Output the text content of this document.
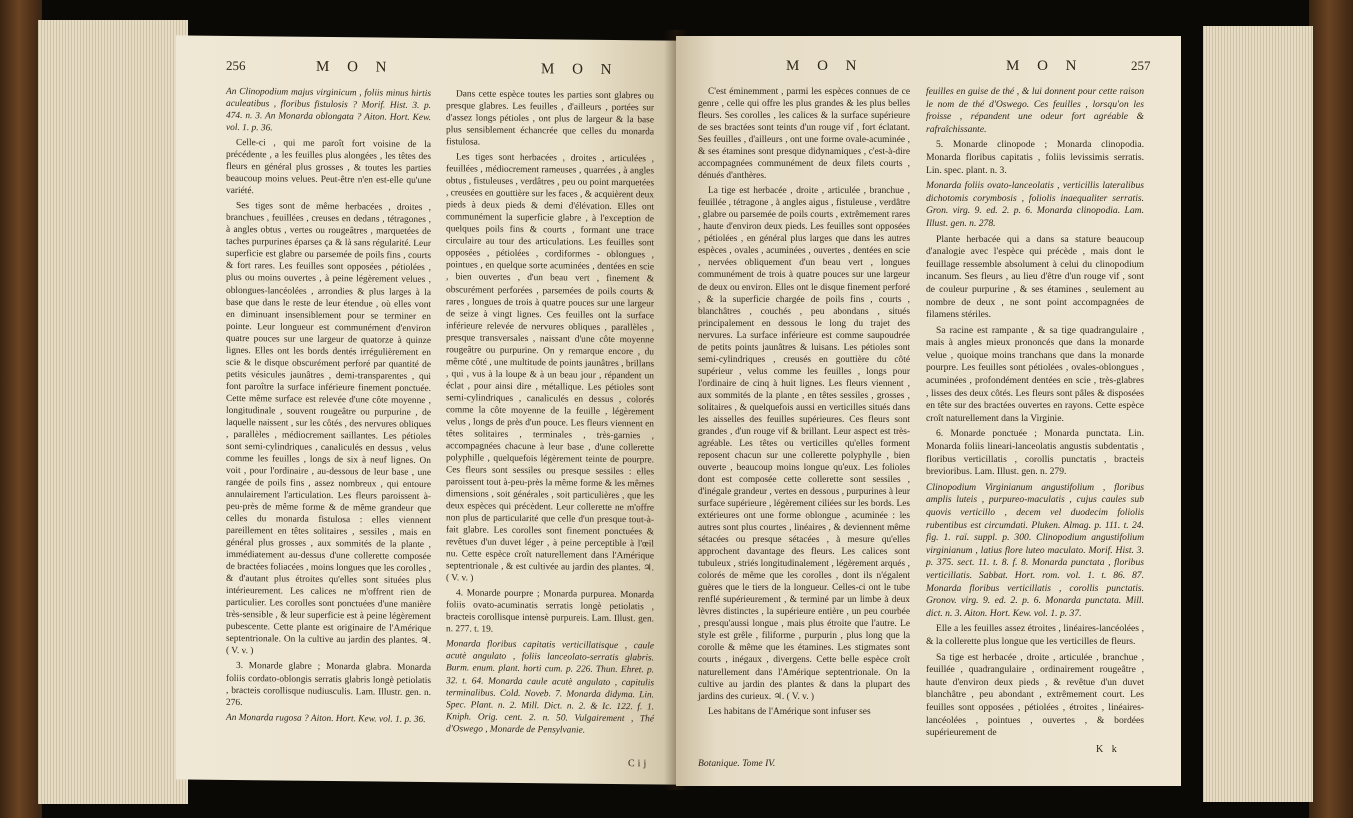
256	M O N	M O N

An Clinopodium majus virginicum , foliis minus hirtis aculeatibus , floribus fistulosis ? Morif. Hist. 3. p. 474. n. 3. An Monarda oblongata ? Aiton. Hort. Kew. vol. 1. p. 36.

Celle-ci , qui me paroît fort voisine de la précédente , a les feuilles plus alongées , les têtes des fleurs en général plus grosses , & toutes les parties beaucoup moins velues. Peut-être n'en est-elle qu'une variété.

Ses tiges sont de même herbacées , droites , branchues , feuillées , creuses en dedans , tétragones , à angles obtus , vertes ou rougeâtres , marquetées de taches purpurines éparses ça & là sans régularité. Leur superficie est glabre ou parsemée de poils fins , courts & fort rares. Les feuilles sont opposées , pétiolées , plus ou moins ouvertes , à peine légèrement velues , oblongues-lancéolées , arrondies & plus larges à la base que dans le reste de leur étendue , où elles vont en diminuant insensiblement pour se terminer en pointe. Leur longueur est communément d'environ quatre pouces sur une largeur de quatorze à quinze lignes. Elles ont les bords dentés irrégulièrement en scie & le disque obscurément perforé par quantité de petits vésicules jaunâtres , demi-transparentes , qui font paroître la surface inférieure finement ponctuée. Cette même surface est relevée d'une côte moyenne , longitudinale , souvent rougeâtre ou purpurine , de laquelle naissent , sur les côtés , des nervures obliques , parallèles , médiocrement saillantes. Les pétioles sont semi-cylindriques , canaliculés en dessus , velus comme les feuilles , longs de six à neuf lignes. On voit , pour l'ordinaire , au-dessous de leur base , une rangée de poils fins , assez nombreux , qui entoure annulairement l'articulation. Les fleurs paroissent à-peu-près de même forme & de même grandeur que celles du monarda fistulosa : elles viennent pareillement en têtes solitaires , sessiles , mais en général plus grosses , aux sommités de la plante , immédiatement au-dessus d'une collerette composée de bractées foliacées , moins longues que les corolles , & d'autant plus étroites qu'elles sont situées plus intérieurement. Les calices ne m'offrent rien de particulier. Les corolles sont ponctuées d'une manière très-sensible , & leur superficie est à peine légèrement pubescente. Cette plante est originaire de l'Amérique septentrionale. On la cultive au jardin des plantes. ♃. ( V. v. )

3. Monarde glabre ; Monarda glabra. Monarda foliis cordato-oblongis serratis glabris longè petiolatis , bracteis corollisque nudiusculis. Lam. Illustr. gen. n. 276.

An Monarda rugosa ? Aiton. Hort. Kew. vol. 1. p. 36.

Dans cette espèce toutes les parties sont glabres ou presque glabres. Les feuilles , d'ailleurs , portées sur d'assez longs pétioles , ont plus de largeur & la base plus sensiblement échancrée que celles du monarda fistulosa.

Les tiges sont herbacées , droites , articulées , feuillées , médiocrement rameuses , quarrées , à angles obtus , fistuleuses , verdâtres , peu ou point marquetées , creusées en gouttière sur les faces , & acquièrent deux pieds à deux pieds & demi d'élévation. Elles ont communément la superficie glabre , à l'exception de quelques poils fins & courts , formant une trace circulaire au tour des articulations. Les feuilles sont opposées , pétiolées , cordiformes - oblongues , pointues , en quelque sorte acuminées , dentées en scie , bien ouvertes , d'un beau vert , finement & obscurément perforées , parsemées de poils courts & rares , longues de trois à quatre pouces sur une largeur de seize à vingt lignes. Ces feuilles ont la surface inférieure relevée de nervures obliques , parallèles , presque transversales , naissant d'une côte moyenne rougeâtre ou purpurine. On y remarque encore , du même côté , une multitude de points jaunâtres , brillans , qui , vus à la loupe & à un beau jour , répandent un éclat , pour ainsi dire , métallique. Les pétioles sont semi-cylindriques , canaliculés en dessus , colorés comme la côte moyenne de la feuille , légèrement velus , longs de près d'un pouce. Les fleurs viennent en têtes solitaires , terminales , très-garnies , accompagnées chacune à leur base , d'une collerette polyphille , quelquefois légèrement teinte de pourpre. Ces fleurs sont sessiles ou presque sessiles : elles paroissent tout à-peu-près la même forme & les mêmes dimensions , soit générales , soit particulières , que les deux espèces qui précèdent. Leur collerette ne m'offre non plus de particularité que celle d'un presque tout-à-fait glabre. Les corolles sont finement ponctuées & revêtues d'un duvet léger , à peine perceptible à l'œil nu. Cette espèce croît naturellement dans l'Amérique septentrionale , & est cultivée au jardin des plantes. ♃. ( V. v. )

4. Monarde pourpre ; Monarda purpurea. Monarda foliis ovato-acuminatis serratis longè petiolatis , bracteis corollisque intensè purpureis. Lam. Illust. gen. n. 277. t. 19.

Monarda floribus capitatis verticillatisque , caule acutè angulato , foliis lanceolato-serratis glabris. Burm. enum. plant. horti cum. p. 226. Thun. Ehret. p. 32. t. 64. Monarda caule acutè angulato , capitulis terminalibus. Cold. Noveb. 7. Monarda didyma. Lin. Spec. Plant. n. 2. Mill. Dict. n. 2. & Ic. 122. f. 1. Kniph. Orig. cent. 2. n. 50. Vulgairement , Thé d'Oswego , Monarde de Pensylvanie.

Cij
M O N	M O N	257

C'est éminemment , parmi les espèces connues de ce genre , celle qui offre les plus grandes & les plus belles fleurs. Ses corolles , les calices & la surface supérieure de ses bractées sont teints d'un rouge vif , fort éclatant. Ses feuilles , d'ailleurs , ont une forme ovale-acuminée , & ses étamines sont presque didynamiques , c'est-à-dire accompagnées communément de deux filets courts , dénués d'anthères.

La tige est herbacée , droite , articulée , branchue , feuillée , tétragone , à angles aigus , fistuleuse , verdâtre , glabre ou parsemée de poils courts , extrêmement rares , haute d'environ deux pieds. Les feuilles sont opposées , pétiolées , en général plus larges que dans les autres espèces , ovales , acuminées , ouvertes , dentées en scie , nervées obliquement d'un beau vert , longues communément de trois à quatre pouces sur une largeur de deux ou environ. Elles ont le disque finement perforé , & la superficie chargée de poils fins , courts , blanchâtres , couchés , peu abondans , situés principalement en dessous le long du trajet des nervures. La surface inférieure est comme saupoudrée de petits points jaunâtres & luisans. Les pétioles sont semi-cylindriques , creusés en gouttière du côté supérieur , velus comme les feuilles , longs pour l'ordinaire de cinq à huit lignes. Les fleurs viennent , aux sommités de la plante , en têtes sessiles , grosses , solitaires , & quelquefois aussi en verticilles situés dans les aisselles des feuilles supérieures. Ces fleurs sont grandes , d'un rouge vif & brillant. Leur aspect est très-agréable. Les têtes ou verticilles qu'elles forment reposent chacun sur une collerette polyphylle , bien ouverte , beaucoup moins longue qu'eux. Les folioles dont est composée cette collerette sont sessiles , d'inégale grandeur , vertes en dessous , purpurines à leur surface supérieure , légèrement ciliées sur les bords. Les extérieures ont une forme oblongue , acuminée : les autres sont plus courtes , linéaires , & deviennent même sétacées ou presque sétacées , à mesure qu'elles approchent davantage des fleurs. Les calices sont tubuleux , striés longitudinalement , légèrement arqués , colorés de même que les corolles , dont ils n'égalent guères que le tiers de la longueur. Celles-ci ont le tube renflé supérieurement , & terminé par un limbe à deux lèvres distinctes , la supérieure entière , un peu courbée , presqu'aussi longue , mais plus étroite que l'autre. Le style est grêle , filiforme , purpurin , plus long que la corolle & même que les étamines. Les stigmates sont courts , inégaux , divergens. Cette belle espèce croît naturellement dans l'Amérique septentrionale. On la cultive au jardin des plantes & dans la plupart des jardins des curieux. ♃. ( V. v. )

Les habitans de l'Amérique sont infuser ses

feuilles en guise de thé , & lui donnent pour cette raison le nom de thé d'Oswego. Ces feuilles , lorsqu'on les froisse , répandent une odeur fort agréable & rafraîchissante.

5. Monarde clinopode ; Monarda clinopodia. Monarda floribus capitatis , foliis levissimis serratis. Lin. spec. plant. n. 3.

Monarda foliis ovato-lanceolatis , verticillis lateralibus dichotomis corymbosis , foliolis inaequaliter serratis. Gron. virg. 9. ed. 2. p. 6. Monarda clinopodia. Lam. Illust. gen. n. 278.

Plante herbacée qui a dans sa stature beaucoup d'analogie avec l'espèce qui précède , mais dont le feuillage ressemble absolument à celui du clinopodium incanum. Ses fleurs , au lieu d'être d'un rouge vif , sont de couleur purpurine , & ses étamines , seulement au nombre de deux , ne sont point accompagnées de filamens stériles.

Sa racine est rampante , & sa tige quadrangulaire , mais à angles mieux prononcés que dans la monarde velue , quoique moins tranchans que dans la monarde pourpre. Les feuilles sont pétiolées , ovales-oblongues , acuminées , profondément dentées en scie , très-glabres , lisses des deux côtés. Les fleurs sont pâles & disposées en tête sur des bractées ouvertes en rayons. Cette espèce croît naturellement dans la Virginie.

6. Monarde ponctuée ; Monarda punctata. Lin. Monarda foliis lineari-lanceolatis angustis subdentatis , floribus verticillatis , corollis punctatis , bracteis brevioribus. Lam. Illust. gen. n. 279.

Clinopodium Virginianum angustifolium , floribus amplis luteis , purpureo-maculatis , cujus caules sub quovis verticillo , decem vel duodecim foliolis rubentibus est circumdati. Pluken. Almag. p. 111. t. 24. fig. 1. raï. suppl. p. 300. Clinopodium angustifolium virginianum , latius flore luteo maculato. Morif. Hist. 3. p. 375. sect. 11. t. 8. f. 8. Monarda punctata , floribus verticillatis. Sabbat. Hort. rom. vol. 1. t. 86. 87. Monarda floribus verticillatis , corollis punctatis. Gronov. virg. 9. ed. 2. p. 6. Monarda punctata. Mill. dict. n. 3. Aiton. Hort. Kew. vol. 1. p. 37.

Elle a les feuilles assez étroites , linéaires-lancéolées , & la collerette plus longue que les verticilles de fleurs.

Sa tige est herbacée , droite , articulée , branchue , feuillée , quadrangulaire , ordinairement rougeâtre , haute d'environ deux pieds , & revêtue d'un duvet blanchâtre , peu abondant , extrêmement court. Les feuilles sont opposées , pétiolées , étroites , linéaires-lancéolées , pointues , ouvertes , & bordées supérieurement de

Botanique. Tome IV.
K k
